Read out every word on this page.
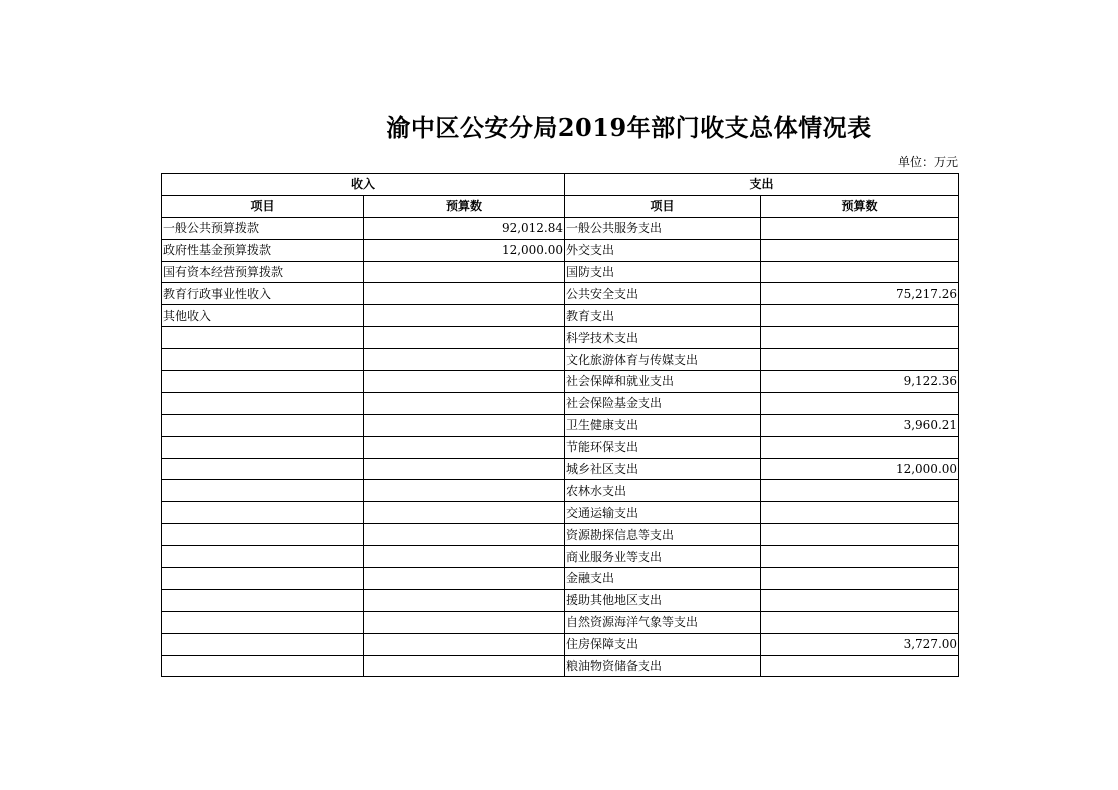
渝中区公安分局2019年部门收支总体情况表
单位：万元
收入		支出	
项目	预算数	项目	预算数
一般公共预算拨款	92,012.84	一般公共服务支出	
政府性基金预算拨款	12,000.00	外交支出	
国有资本经营预算拨款		国防支出	
教育行政事业性收入		公共安全支出	75,217.26
其他收入		教育支出	
		科学技术支出	
		文化旅游体育与传媒支出	
		社会保障和就业支出	9,122.36
		社会保险基金支出	
		卫生健康支出	3,960.21
		节能环保支出	
		城乡社区支出	12,000.00
		农林水支出	
		交通运输支出	
		资源勘探信息等支出	
		商业服务业等支出	
		金融支出	
		援助其他地区支出	
		自然资源海洋气象等支出	
		住房保障支出	3,727.00
		粮油物资储备支出	
